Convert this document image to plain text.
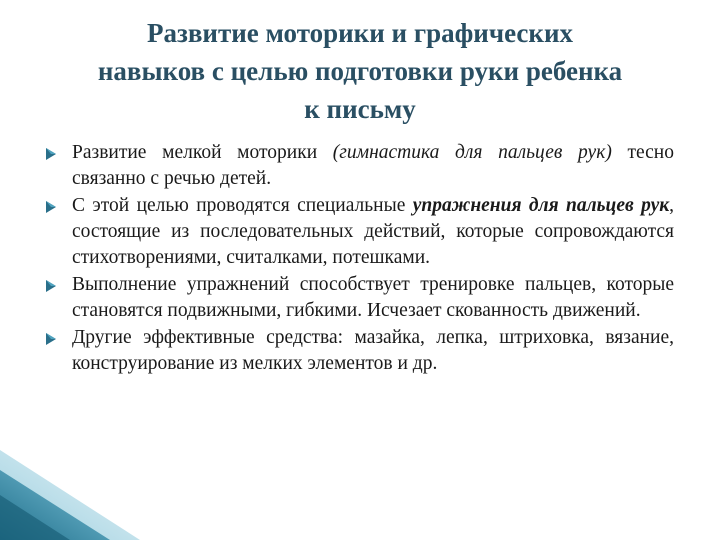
Развитие моторики и графических
навыков с целью подготовки руки ребенка
к письму
Развитие мелкой моторики (гимнастика для пальцев рук) тесно связанно с речью детей.
С этой целью проводятся специальные упражнения для пальцев рук, состоящие из последовательных действий, которые сопровождаются стихотворениями, считалками, потешками.
Выполнение упражнений способствует тренировке пальцев, которые становятся подвижными, гибкими. Исчезает скованность движений.
Другие эффективные средства: мазайка, лепка, штриховка, вязание, конструирование из мелких элементов и др.
